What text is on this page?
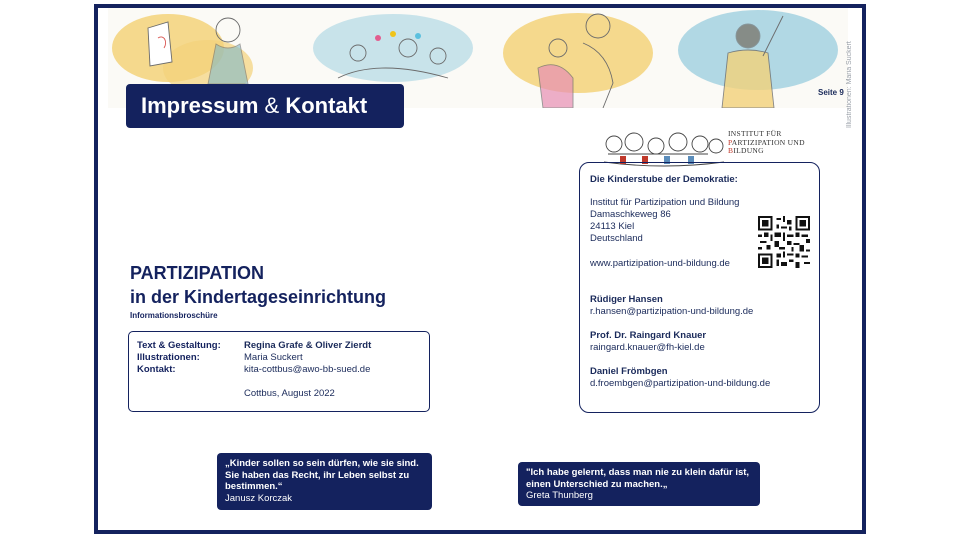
Seite 9 Illustrationen: Maria Suckert
Impressum & Kontakt
INSTITUT FÜR
PARTIZIPATION UND
BILDUNG
Die Kinderstube der Demokratie:
Institut für Partizipation und Bildung
Damaschkeweg 86
24113 Kiel
Deutschland
www.partizipation-und-bildung.de
Rüdiger Hansen
r.hansen@partizipation-und-bildung.de
Prof. Dr. Raingard Knauer
raingard.knauer@fh-kiel.de
Daniel Frömbgen
d.froembgen@partizipation-und-bildung.de
PARTIZIPATION
in der Kindertageseinrichtung
Informationsbroschüre
Text & Gestaltung: Regina Grafe & Oliver Zierdt
Illustrationen:	Maria Suckert
Kontakt:	kita-cottbus@awo-bb-sued.de
Cottbus, August 2022
„Kinder sollen so sein dürfen, wie sie sind. Sie haben das Recht, ihr Leben selbst zu bestimmen.“
Janusz Korczak
"Ich habe gelernt, dass man nie zu klein dafür ist, einen Unterschied zu machen.„
Greta Thunberg
